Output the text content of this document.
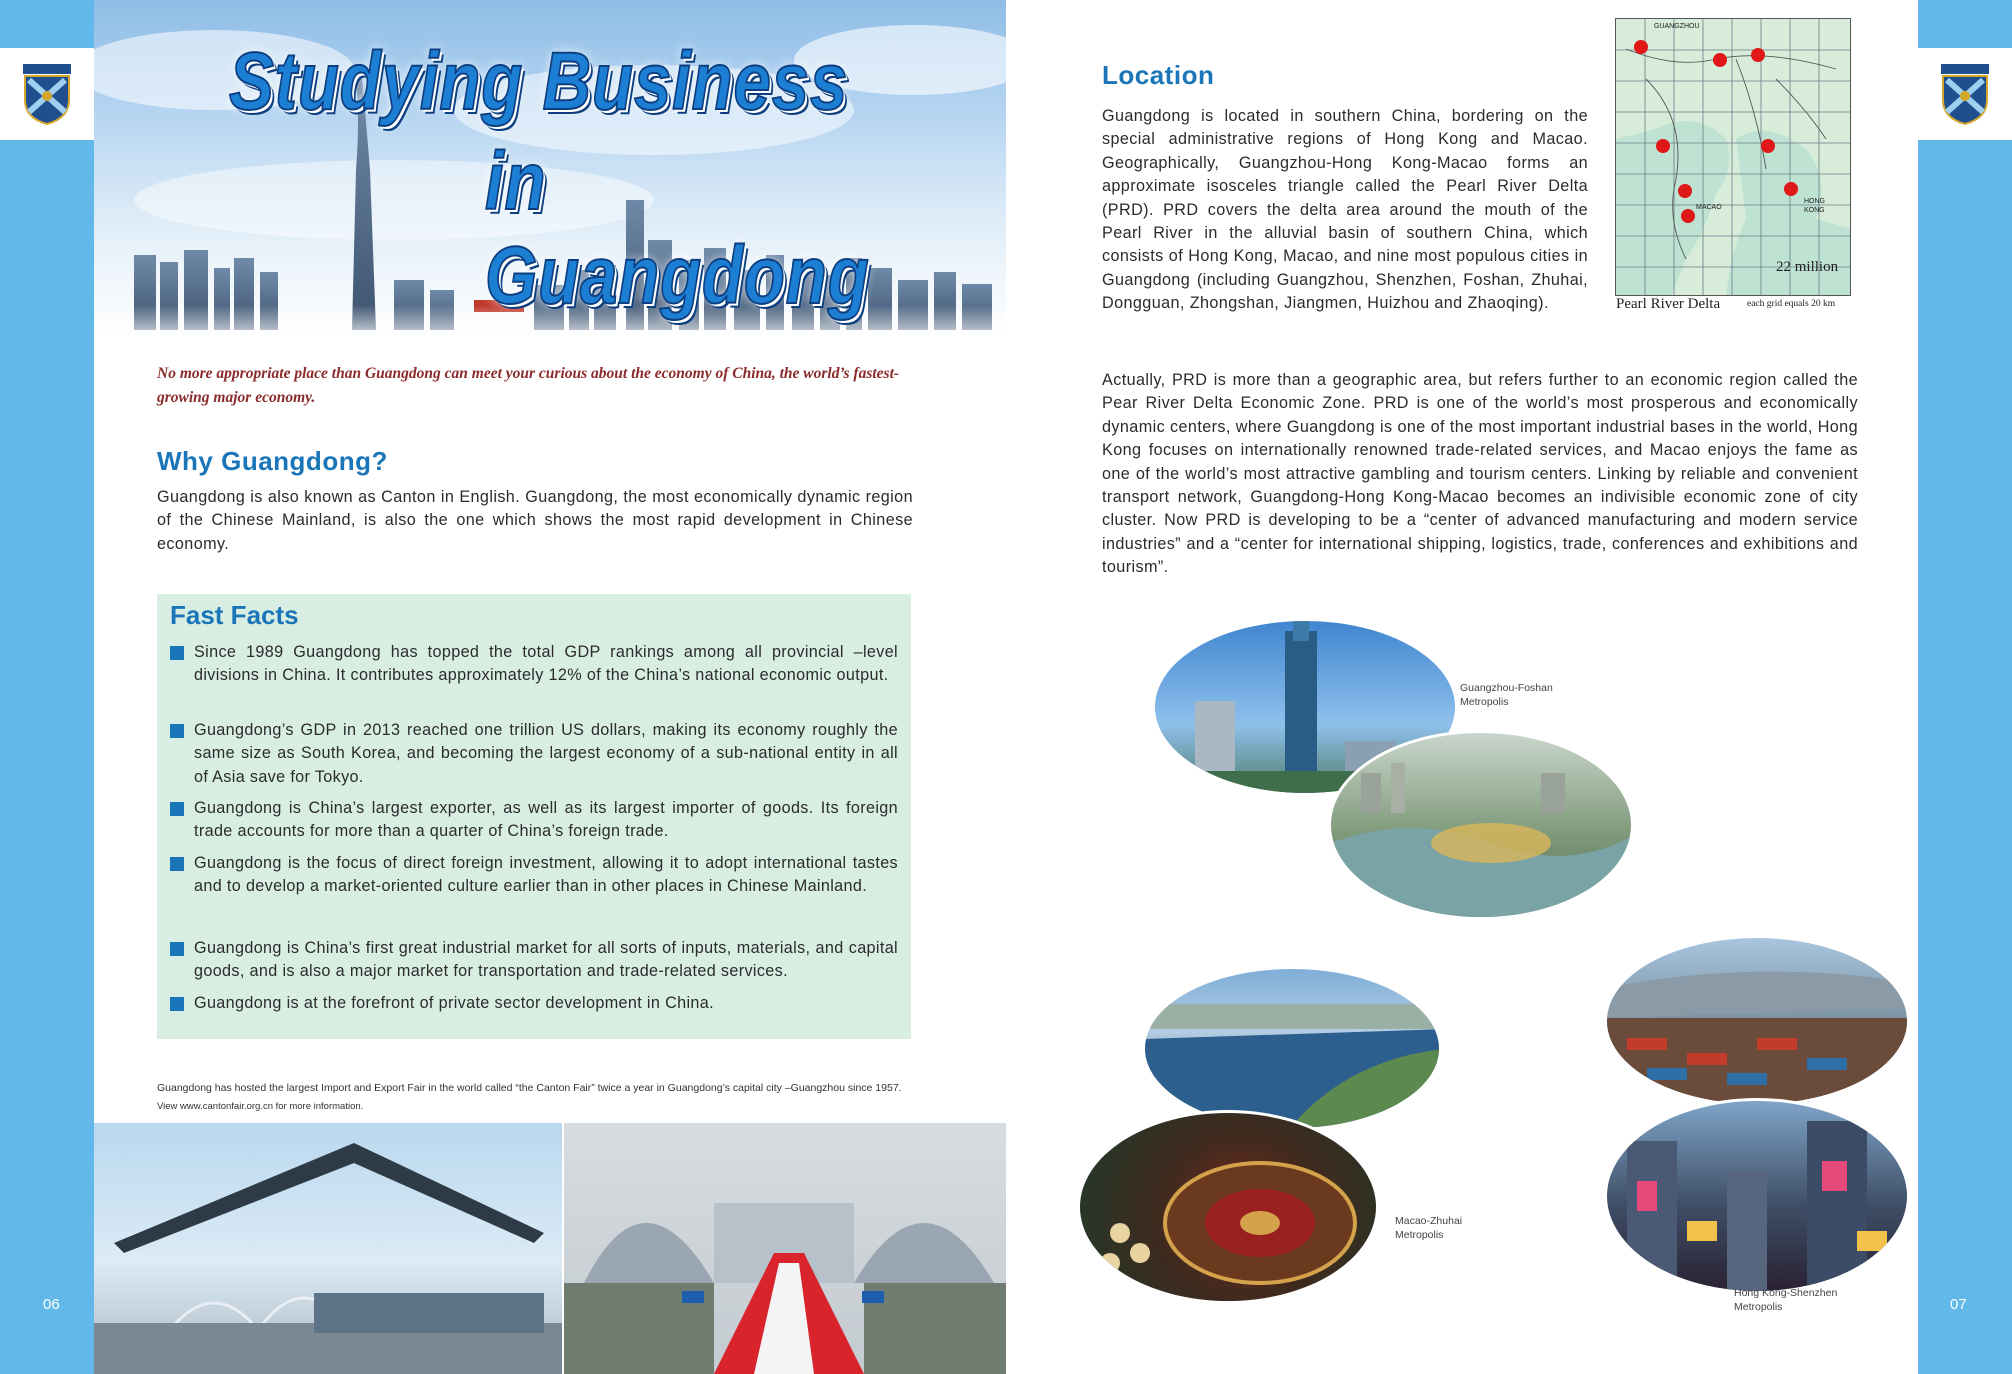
06	07
Studying Business
in Guangdong
No more appropriate place than Guangdong can meet your curious about the economy of China, the world’s fastest-growing major economy.
Why Guangdong?
Guangdong is also known as Canton in English. Guangdong, the most economically dynamic region of the Chinese Mainland, is also the one which shows the most rapid development in Chinese economy.
Fast Facts
Since 1989 Guangdong has topped the total GDP rankings among all provincial –level divisions in China. It contributes approximately 12% of the China’s national economic output.
Guangdong’s GDP in 2013 reached one trillion US dollars, making its economy roughly the same size as South Korea, and becoming the largest economy of a sub-national entity in all of Asia save for Tokyo.
Guangdong is China’s largest exporter, as well as its largest importer of goods. Its foreign trade accounts for more than a quarter of China’s foreign trade.
Guangdong is the focus of direct foreign investment, allowing it to adopt international tastes and to develop a market-oriented culture earlier than in other places in Chinese Mainland.
Guangdong is China’s first great industrial market for all sorts of inputs, materials, and capital goods, and is also a major market for transportation and trade-related services.
Guangdong is at the forefront of private sector development in China.
Guangdong has hosted the largest Import and Export Fair in the world called “the Canton Fair” twice a year in Guangdong’s capital city –Guangzhou since 1957.   View www.cantonfair.org.cn for more information.
Location
Guangdong is located in southern China, bordering on the special administrative regions of Hong Kong and Macao. Geographically, Guangzhou-Hong Kong-Macao forms an approximate isosceles triangle called the Pearl River Delta (PRD). PRD covers the delta area around the mouth of the Pearl River in the alluvial basin of southern China, which consists of Hong Kong, Macao, and nine most populous cities in Guangdong (including Guangzhou, Shenzhen, Foshan, Zhuhai, Dongguan, Zhongshan, Jiangmen, Huizhou and Zhaoqing).
Actually, PRD is more than a geographic area, but refers further to an economic region called the Pear River Delta Economic Zone. PRD is one of the world’s most prosperous and economically dynamic centers, where Guangdong is one of the most important industrial bases in the world, Hong Kong focuses on internationally renowned trade-related services, and Macao enjoys the fame as one of the world’s most attractive gambling and tourism centers. Linking by reliable and convenient transport network, Guangdong-Hong Kong-Macao becomes an indivisible economic zone of city cluster. Now PRD is developing to be a “center of advanced manufacturing and modern service industries” and a “center for international shipping, logistics, trade, conferences and exhibitions and tourism”.
GUANGZHOU
MACAO
HONG KONG
22 million
Pearl River Delta	each grid equals 20 km
Guangzhou-Foshan
Metropolis
Macao-Zhuhai
Metropolis
Hong Kong-Shenzhen
Metropolis
